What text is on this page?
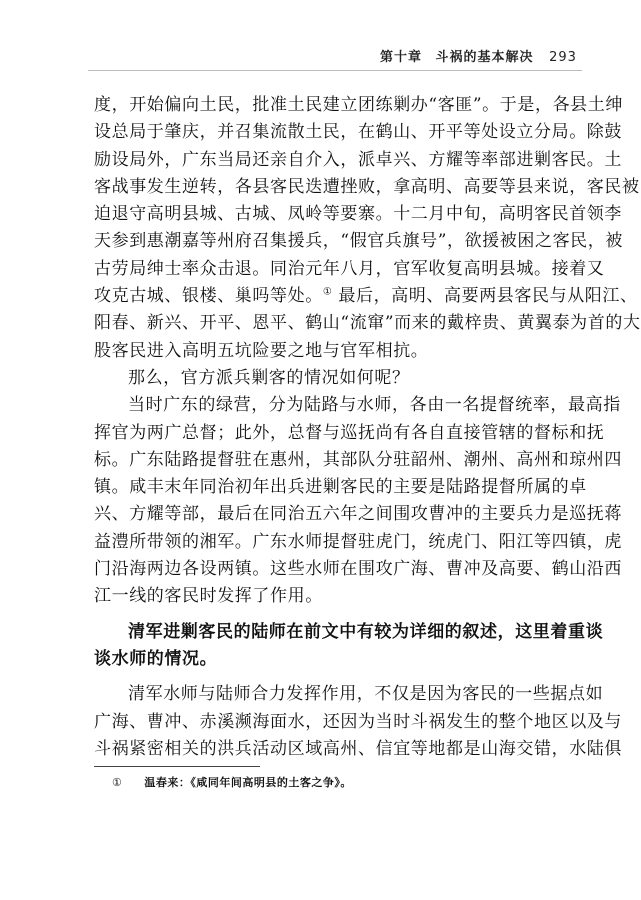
第十章 斗祸的基本解决 293
度，开始偏向土民，批准土民建立团练剿办“客匪”。于是，各县土绅
设总局于肇庆，并召集流散土民，在鹤山、开平等处设立分局。除鼓
励设局外，广东当局还亲自介入，派卓兴、方耀等率部进剿客民。土
客战事发生逆转，各县客民迭遭挫败，拿高明、高要等县来说，客民被
迫退守高明县城、古城、凤岭等要寨。十二月中旬，高明客民首领李
天参到惠潮嘉等州府召集援兵，“假官兵旗号”，欲援被困之客民，被
古劳局绅士率众击退。同治元年八月，官军收复高明县城。接着又
攻克古城、银楼、巢吗等处。① 最后，高明、高要两县客民与从阳江、
阳春、新兴、开平、恩平、鹤山“流窜”而来的戴梓贵、黄翼泰为首的大
股客民进入高明五坑险要之地与官军相抗。
那么，官方派兵剿客的情况如何呢？
当时广东的绿营，分为陆路与水师，各由一名提督统率，最高指
挥官为两广总督；此外，总督与巡抚尚有各自直接管辖的督标和抚
标。广东陆路提督驻在惠州，其部队分驻韶州、潮州、高州和琼州四
镇。咸丰末年同治初年出兵进剿客民的主要是陆路提督所属的卓
兴、方耀等部，最后在同治五六年之间围攻曹冲的主要兵力是巡抚蒋
益澧所带领的湘军。广东水师提督驻虎门，统虎门、阳江等四镇，虎
门沿海两边各设两镇。这些水师在围攻广海、曹冲及高要、鹤山沿西
江一线的客民时发挥了作用。
清军进剿客民的陆师在前文中有较为详细的叙述，这里着重谈
谈水师的情况。
清军水师与陆师合力发挥作用，不仅是因为客民的一些据点如
广海、曹冲、赤溪濒海面水，还因为当时斗祸发生的整个地区以及与
斗祸紧密相关的洪兵活动区域高州、信宜等地都是山海交错，水陆俱
① 温春来：《咸同年间高明县的土客之争》。
